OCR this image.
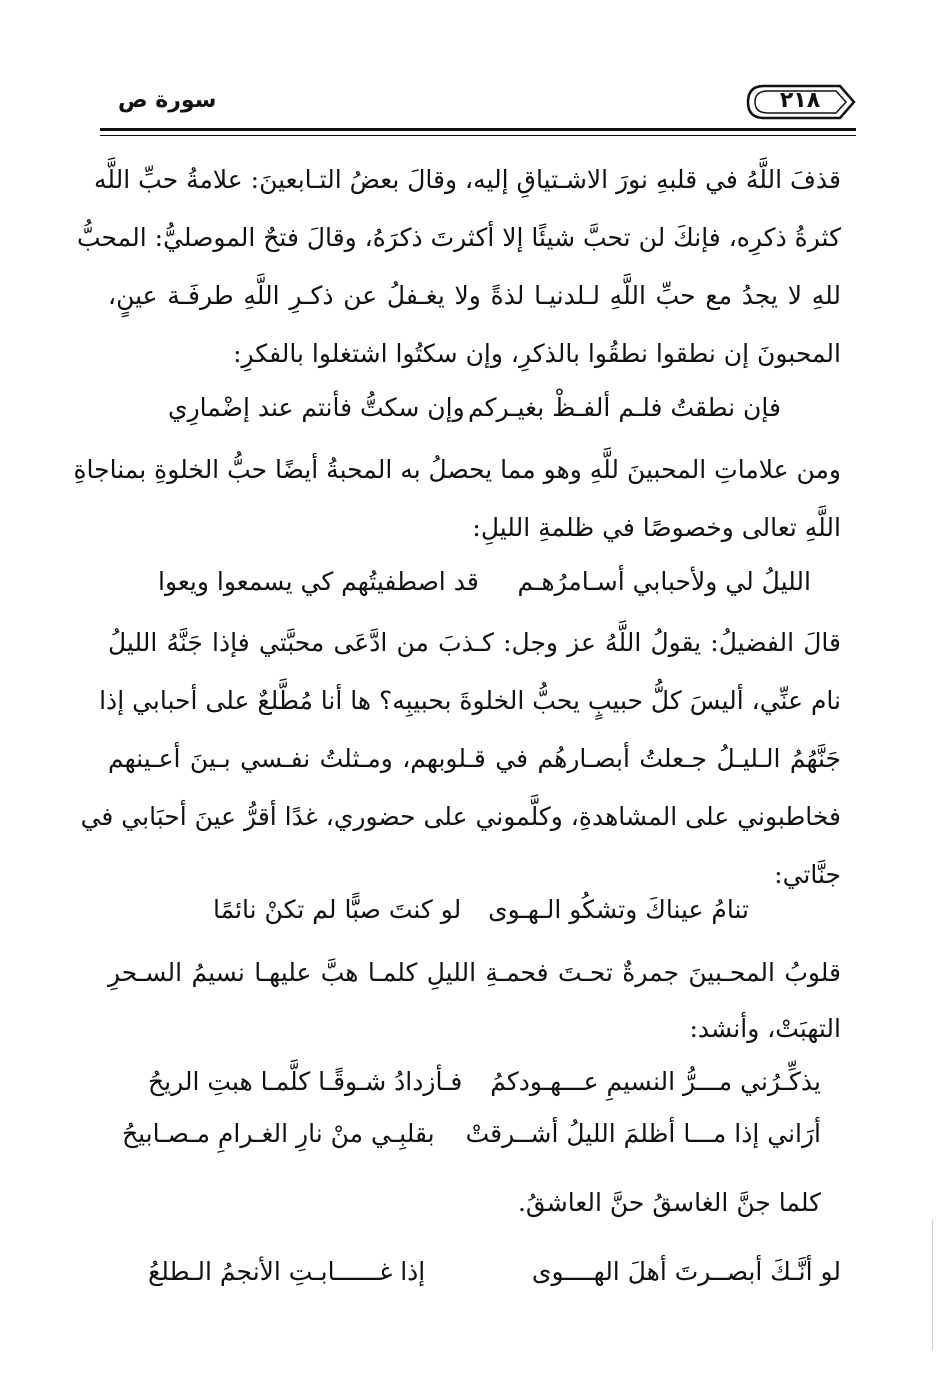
سورة ص	٢١٨
قذفَ اللَّهُ في قلبهِ نورَ الاشـتياقِ إليه، وقالَ بعضُ التـابعينَ: علامةُ حبِّ اللَّه
كثرةُ ذكرِه، فإنكَ لن تحبَّ شيئًا إلا أكثرتَ ذكرَهُ، وقالَ فتحٌ الموصليُّ: المحبُّ
للهِ لا يجدُ مع حبِّ اللَّهِ لـلدنيـا لذةً ولا يغـفلُ عن ذكـرِ اللَّهِ طرفَـة عينٍ،
المحبونَ إن نطقوا نطقُوا بالذكرِ، وإن سكتُوا اشتغلوا بالفكرِ:
فإن نطقتُ فلـم ألفـظْ بغيـركم
وإن سكتُّ فأنتم عند إضْمارِي
ومن علاماتِ المحبينَ للَّهِ وهو مما يحصلُ به المحبةُ أيضًا حبُّ الخلوةِ بمناجاةِ
اللَّهِ تعالى وخصوصًا في ظلمةِ الليلِ:
الليلُ لي ولأحبابي أسـامرُهـم
قد اصطفيتُهم كي يسمعوا ويعوا
قالَ الفضيلُ: يقولُ اللَّهُ عز وجل: كـذبَ من ادَّعَى محبَّتي فإذا جَنَّهُ الليلُ
نام عنِّي، أليسَ كلُّ حبيبٍ يحبُّ الخلوةَ بحبيبِه؟ ها أنا مُطَّلعٌ على أحبابي إذا
جَنَّهُمُ الـليـلُ جـعلتُ أبصـارهُم في قـلوبهم، ومـثلتُ نفـسي بـينَ أعـينهم
فخاطبوني على المشاهدةِ، وكلَّموني على حضوري، غدًا أقرُّ عينَ أحبَابي في
جنَّاتي:
تنامُ عيناكَ وتشكُو الـهـوى
لو كنتَ صبًّا لم تكنْ نائمًا
قلوبُ المحـبينَ جمرةٌ تحـتَ فحمـةِ الليلِ كلمـا هبَّ عليهـا نسيمُ السـحرِ
التهبَتْ، وأنشد:
يذكِّـرُني مـــرُّ النسيمِ عـــهـودكمُ
فـأزدادُ شـوقًـا كلَّمـا هبتِ الريحُ
أرَاني إذا مـــا أظلمَ الليلُ أشــرقتْ
بقلبِـي منْ نارِ الغـرامِ مـصـابيحُ
كلما جنَّ الغاسقُ حنَّ العاشقُ.
لو أنَّـكَ أبصــرتَ أهلَ الهــــوى
إذا غــــــابـتِ الأنجمُ الـطلعُ
